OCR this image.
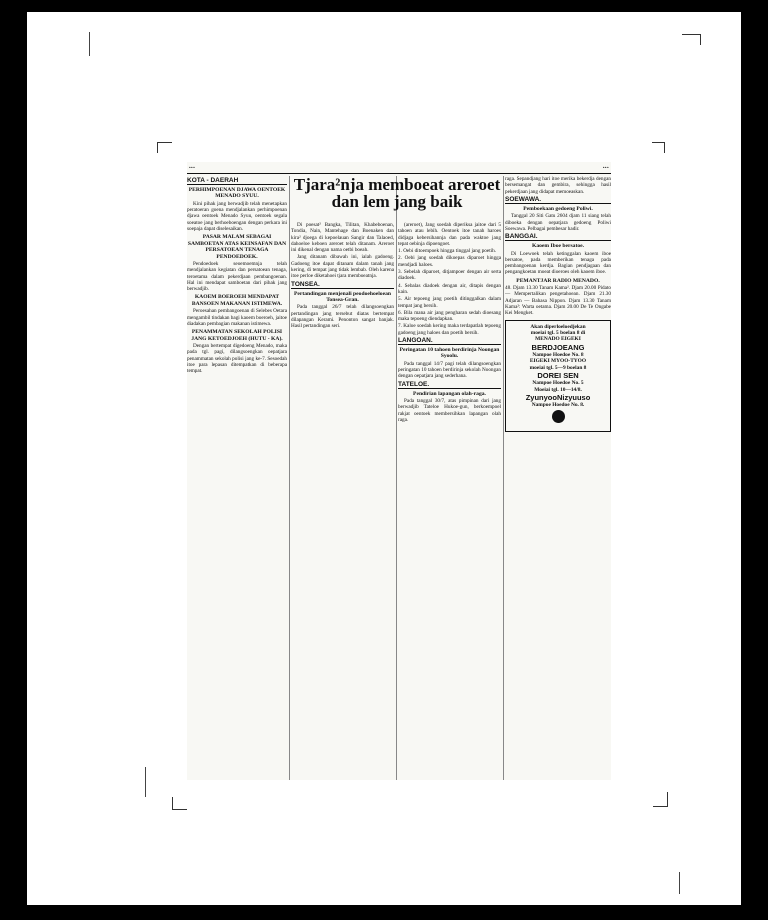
...	...
Tjara²nja memboeat areroet dan lem jang baik
KOTA - DAERAH
PERHIMPOENAN DJAWA OENTOEK MENADO SYUU.

Kini pihak jang berwadjib telah menetapkan peratoeran goena mendjalankan perhimpoenan djawa oentoek Menado Syuu, oentoek segala soeatoe jang berhoeboengan dengan perkara ini soepaja dapat diselesaikan.

PASAR MALAM SEBAGAI SAMBOETAN ATAS KEINSAFAN DAN PERSATOEAN TENAGA PENDOEDOEK.

Pendoedoek seoemoemnja telah mendjalankan kegiatan dan persatoean tenaga, teroetama dalam pekerdjaan pembangoenan. Hal ini mendapat samboetan dari pihak jang berwadjib.

KAOEM BOEROEH MENDAPAT BANSOEN MAKANAN ISTIMEWA.

Peroesahan pembangoenan di Selebes Oetara mengambil tindakan bagi kaoem boeroeh, jaitoe diadakan pembagian makanan istimewa.

PENAMMATAN SEKOLAH POLISI JANG KETOEDJOEH (HUTU - KA).

Dengan bertempat digedoeng Menado, maka pada tgl. pagi, dilangsoengkan oepatjara penammatan sekolah polisi jang ke-7. Sesoedah itoe para lepasan ditempatkan di beberapa tempat.

Di poesat² Bangka, Tilitan, Khabeboenan, Tondia, Nain, Mantehage dan Boenaken dan kira² djoega di kepoelauan Sangir dan Talaoed, dahoeloe keboen areroet telah ditanam. Areroet ini dikenal dengan nama oetbi boeah.

Jang ditanam dibawah ini, ialah gadoeng. Gadoeng itoe dapat ditanam dalam tanah jang kering, di tempat jang tidak lembab. Oleh karena itoe perloe diketahoei tjara memboeatnja.

TONSEA.
Pertandingan menjenali peodoehoeloean Tonsea-Gran.

Pada tanggal 26/7 telah dilangsoengkan pertandingan jang tersebut diatas bertempat dilapangan Kerami. Penonton sangat banjak. Hasil pertandingan seri.

(areroet), Jang soedah diperiksa jaitoe dari 5 tahoen atau lebih. Oentoek itoe tanah haroes didjaga kebersihannja dan pada waktoe jang tepat oebinja dipoengoet.

1. Oebi ditoempoek hingga tinggal jang poetih.

2. Oebi jang soedah dikoepas diparoet hingga mendjadi haloes.

3. Sebelah diparoet, ditjampoer dengan air serta diadoek.

4. Sebalas diadoek dengan air, ditapis dengan kain.

5. Air tepoeng jang poetih ditinggalkan dalam tempat jang bersih.

6. Bila mana air jang pengharan sedah dioesang maka tepoeng diendapkan.

7. Kaloe soedah kering maka terdapatlah tepoeng gadoeng jang haloes dan poetih bersih.

LANGOAN.
Peringatan 10 tahoen berdirinja Noongan Syoolu.

Pada tanggal 14/7 pagi telah dilangsoengkan peringatan 10 tahoen berdirinja sekolah Noongan dengan oepatjara jang sederhana.

TATELOE.
Pendirian lapangan olah-raga.

Pada tanggal 30/7, atas pimpinan dari jang berwadjib Tateloe Hukoe-gun, berkoempoel rakjat oentoek membersihkan lapangan olah raga.

raga. Sepandjang hari itoe merika bekerdja dengan bersemangat dan gembira, sehingga hasil pekerdjaan jang didapat memoeaskan.

SOEWAWA.
Pemboekaan gedoeng Poliwi.

Tanggal 20 Siti Gatu 2604 djam 11 siang telah diboeka dengan oepatjara gedoeng Poliwi Soewawa. Pelbagai pembesar hadir.

BANGGAI.
Kaoem Iboe bersatoe.

Di Loewoek telah ketinggalan kaoem iboe bersatoe, pada memberikan tenaga pada pembangoenan kerdja. Bagian pendjagaan dan pengangkoetan moeat dioeroes oleh kaoem iboe.

PEMANTJAR RADIO MENADO.

48. Djam 13.30 Tanam Kama². Djam 20.00 Pidato — Mempertalikan pengetahoean. Djam 21.30 Adjaran — Bahasa Nippon. Djam 13.30 Tanam Kama²: Warta oetama. Djam 20.00 De Te Ongabe Kei Mengket.

Akan diperloeloedjekan
moeiai tgl. 5 boelan 8 di
MENADO EIGEKI
BERDJOEANG
Nampoe Hoedoe No. 8
EIGEKI MYOO-TYOO
moeiai tgl. 5—9 boelan 8
DOREI SEN
Nampoe Hoedoe No. 5
Moeiai tgl. 10—14/8.
ZyunyooNizyuuso
Nampoe Hoedoe No. 8.
